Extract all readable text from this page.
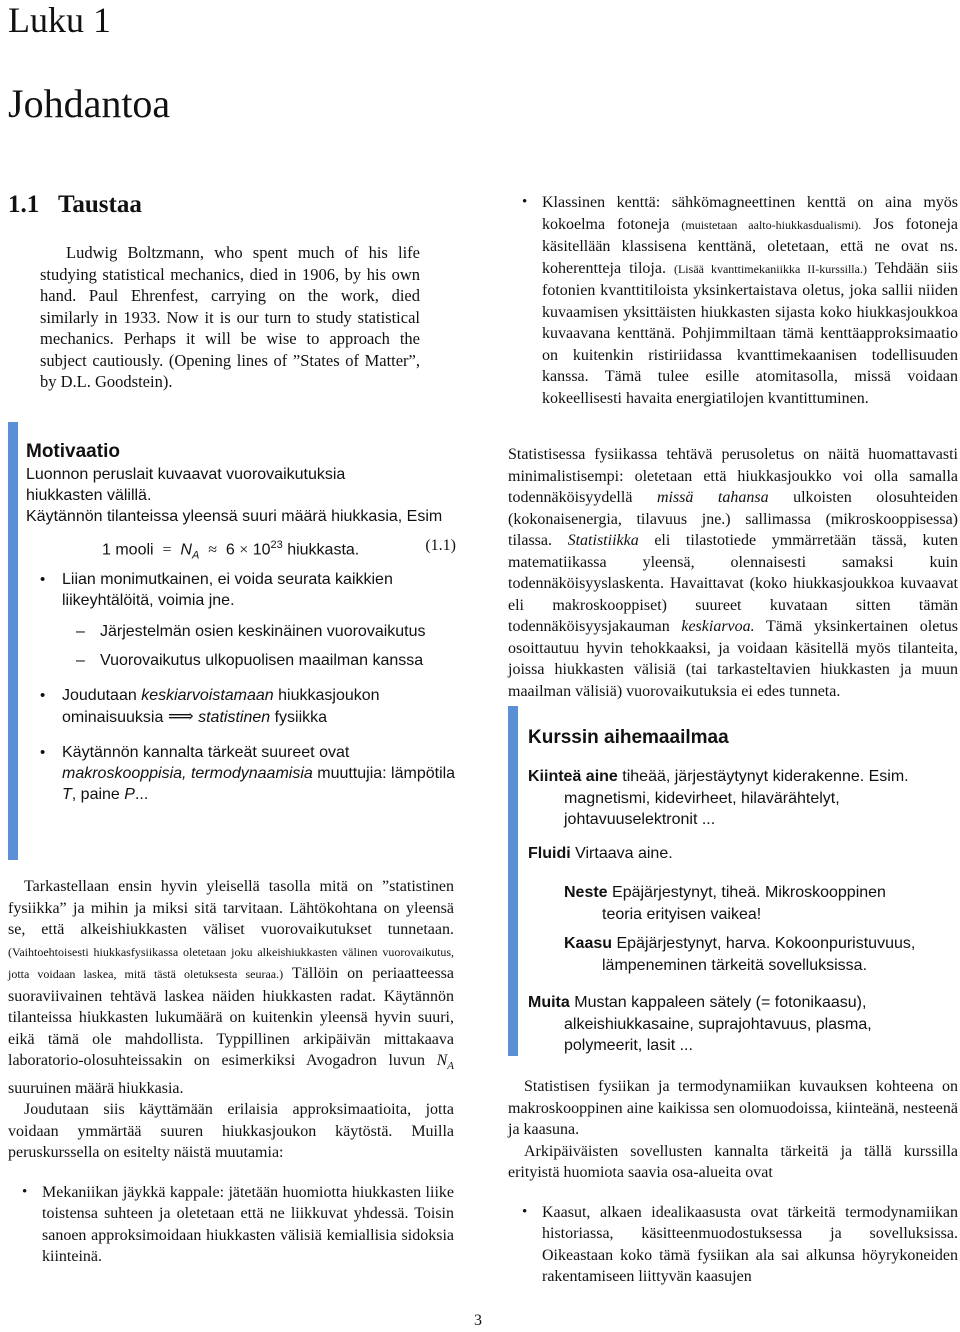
Luku 1
Johdantoa
1.1 Taustaa

Ludwig Boltzmann, who spent much of his life studying statistical mechanics, died in 1906, by his own hand. Paul Ehrenfest, carrying on the work, died similarly in 1933. Now it is our turn to study statistical mechanics. Perhaps it will be wise to approach the subject cautiously. (Opening lines of ”States of Matter”, by D.L. Goodstein).

Motivaatio
Luonnon peruslait kuvaavat vuorovaikutuksia hiukkasten välillä.
Käytännön tilanteissa yleensä suuri määrä hiukkasia, Esim
1 mooli = $N_A \approx 6 \times 10^{23}$ hiukkasta.	(1.1)
• Liian monimutkainen, ei voida seurata kaikkien liikeyhtälöitä, voimia jne.
– Järjestelmän osien keskinäinen vuorovaikutus
– Vuorovaikutus ulkopuolisen maailman kanssa
• Joudutaan keskiarvoistamaan hiukkasjoukon ominaisuuksia ⟹ statistinen fysiikka
• Käytännön kannalta tärkeät suureet ovat makroskooppisia, termodynaamisia muuttujia: lämpötila T, paine P...

Tarkastellaan ensin hyvin yleisellä tasolla mitä on ”statistinen fysiikka” ja mihin ja miksi sitä tarvitaan. Lähtökohtana on yleensä se, että alkeishiukkasten väliset vuorovaikutukset tunnetaan. (Vaihtoehtoisesti hiukkasfysiikassa oletetaan joku alkeishiukkasten välinen vuorovaikutus, jotta voidaan laskea, mitä tästä oletuksesta seuraa.) Tällöin on periaatteessa suoraviivainen tehtävä laskea näiden hiukkasten radat. Käytännön tilanteissa hiukkasten lukumäärä on kuitenkin yleensä hyvin suuri, eikä tämä ole mahdollista. Typpillinen arkipäivän mittakaava laboratorio-olosuhteissakin on esimerkiksi Avogadron luvun $N_A$ suuruinen määrä hiukkasia.

Joudutaan siis käyttämään erilaisia approksimaatioita, jotta voidaan ymmärtää suuren hiukkasjoukon käytöstä. Muilla peruskurssella on esitelty näistä muutamia:

• Mekaniikan jäykkä kappale: jätetään huomiotta hiukkasten liike toistensa suhteen ja oletetaan että ne liikkuvat yhdessä. Toisin sanoen approksimoidaan hiukkasten välisiä kemiallisia sidoksia kiinteinä.
3
• Klassinen kenttä: sähkömagneettinen kenttä on aina myös kokoelma fotoneja (muistetaan aalto-hiukkasdualismi). Jos fotoneja käsitellään klassisena kenttänä, oletetaan, että ne ovat ns. koherentteja tiloja. (Lisää kvanttimekaniikka II-kurssilla.) Tehdään siis fotonien kvanttitiloista yksinkertaistava oletus, joka sallii niiden kuvaamisen yksittäisten hiukkasten sijasta koko hiukkasjoukkoa kuvaavana kenttänä. Pohjimmiltaan tämä kenttäapproksimaatio on kuitenkin ristiriidassa kvanttimekaanisen todellisuuden kanssa. Tämä tulee esille atomitasolla, missä voidaan kokeellisesti havaita energiatilojen kvantittuminen.

Statistisessa fysiikassa tehtävä perusoletus on näitä huomattavasti minimalistisempi: oletetaan että hiukkasjoukko voi olla samalla todennäköisyydellä missä tahansa ulkoisten olosuhteiden (kokonaisenergia, tilavuus jne.) sallimassa (mikroskooppisessa) tilassa. Statistiikka eli tilastotiede ymmärretään tässä, kuten matematiikassa yleensä, olennaisesti samaksi kuin todennäköisyyslaskenta. Havaittavat (koko hiukkasjoukkoa kuvaavat eli makroskooppiset) suureet kuvataan sitten tämän todennäköisyysjakauman keskiarvoa. Tämä yksinkertainen oletus osoittautuu hyvin tehokkaaksi, ja voidaan käsitellä myös tilanteita, joissa hiukkasten välisiä (tai tarkasteltavien hiukkasten ja muun maailman välisiä) vuorovaikutuksia ei edes tunneta.

Kurssin aihemaailmaa
Kiinteä aine tiheää, järjestäytynyt kiderakenne. Esim.
magnetismi, kidevirheet, hilavärähtelyt, johtavuuselektronit ...
Fluidi Virtaava aine.
Neste Epäjärjestynyt, tiheä. Mikroskooppinen
teoria erityisen vaikea!
Kaasu Epäjärjestynyt, harva. Kokoonpuristuvuus,
lämpeneminen tärkeitä sovelluksissa.
Muita Mustan kappaleen sätely (= fotonikaasu),
alkeishiukkasaine, suprajohtavuus, plasma, polymeerit, lasit ...

Statistisen fysiikan ja termodynamiikan kuvauksen kohteena on makroskooppinen aine kaikissa sen olomuodoissa, kiinteänä, nesteenä ja kaasuna.

Arkipäiväisten sovellusten kannalta tärkeitä ja tällä kurssilla erityistä huomiota saavia osa-alueita ovat

• Kaasut, alkaen idealikaasusta ovat tärkeitä termodynamiikan historiassa, käsitteenmuodostuksessa ja sovelluksissa. Oikeastaan koko tämä fysiikan ala sai alkunsa höyrykoneiden rakentamiseen liittyvän kaasujen
